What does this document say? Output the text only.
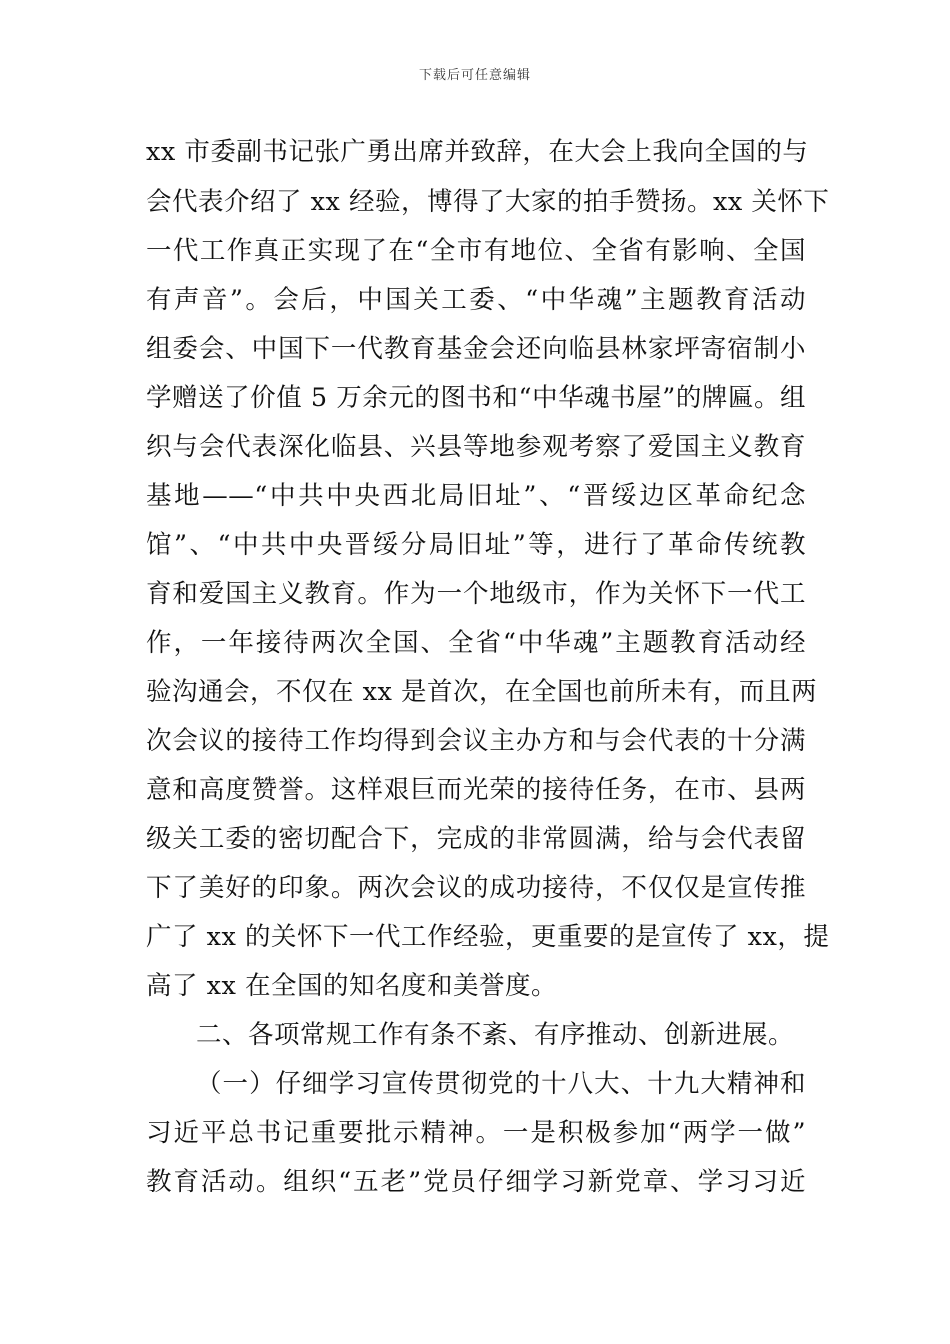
下载后可任意编辑
xx 市委副书记张广勇出席并致辞，在大会上我向全国的与
会代表介绍了 xx 经验，博得了大家的拍手赞扬。xx 关怀下
一代工作真正实现了在“全市有地位、全省有影响、全国
有声音”。会后，中国关工委、“中华魂”主题教育活动
组委会、中国下一代教育基金会还向临县林家坪寄宿制小
学赠送了价值 5 万余元的图书和“中华魂书屋”的牌匾。组
织与会代表深化临县、兴县等地参观考察了爱国主义教育
基地——“中共中央西北局旧址”、“晋绥边区革命纪念
馆”、“中共中央晋绥分局旧址”等，进行了革命传统教
育和爱国主义教育。作为一个地级市，作为关怀下一代工
作，一年接待两次全国、全省“中华魂”主题教育活动经
验沟通会，不仅在 xx 是首次，在全国也前所未有，而且两
次会议的接待工作均得到会议主办方和与会代表的十分满
意和高度赞誉。这样艰巨而光荣的接待任务，在市、县两
级关工委的密切配合下，完成的非常圆满，给与会代表留
下了美好的印象。两次会议的成功接待，不仅仅是宣传推
广了 xx 的关怀下一代工作经验，更重要的是宣传了 xx，提
高了 xx 在全国的知名度和美誉度。
二、各项常规工作有条不紊、有序推动、创新进展。
（一）仔细学习宣传贯彻党的十八大、十九大精神和
习近平总书记重要批示精神。一是积极参加“两学一做”
教育活动。组织“五老”党员仔细学习新党章、学习习近
